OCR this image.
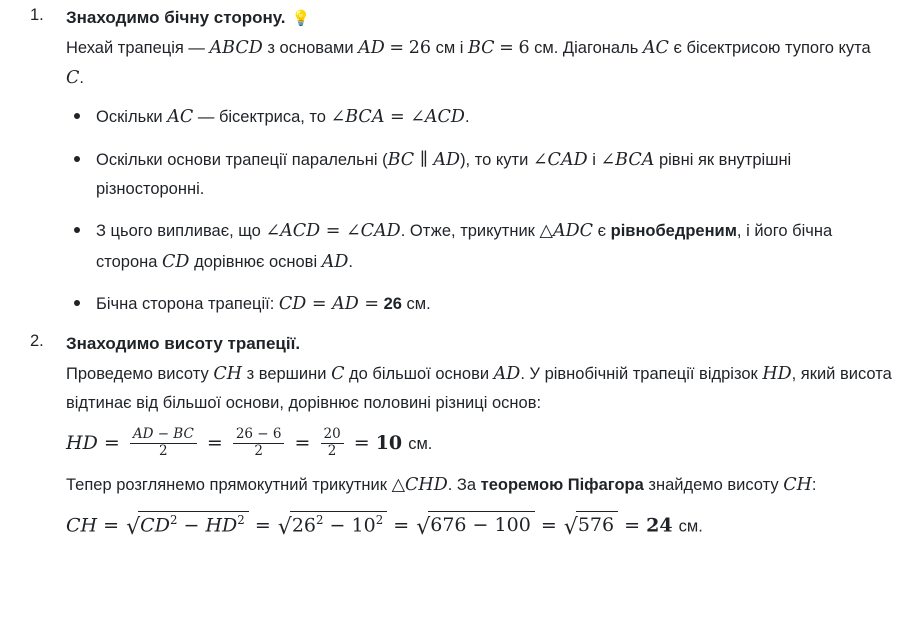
1. Знаходимо бічну сторону. 💡
Нехай трапеція — ABCD з основами AD = 26 см і BC = 6 см. Діагональ AC є бісектрисою тупого кута C.
Оскільки AC — бісектриса, то ∠BCA = ∠ACD.
Оскільки основи трапеції паралельні (BC ∥ AD), то кути ∠CAD і ∠BCA рівні як внутрішні різносторонні.
З цього випливає, що ∠ACD = ∠CAD. Отже, трикутник △ADC є рівнобедреним, і його бічна сторона CD дорівнює основі AD.
Бічна сторона трапеції: CD = AD = 26 см.
2. Знаходимо висоту трапеції.
Проведемо висоту CH з вершини C до більшої основи AD. У рівнобічній трапеції відрізок HD, який висота відтинає від більшої основи, дорівнює половині різниці основ:
HD = $\frac{AD - BC}{2} = \frac{26 - 6}{2} = \frac{20}{2} = 10$ см.
Тепер розглянемо прямокутний трикутник △CHD. За теоремою Піфагора знайдемо висоту CH:
CH = $√CD^2 - HD^2 = √26^2 - 10^2 = √676 - 100 = √576 = 24$ см.
